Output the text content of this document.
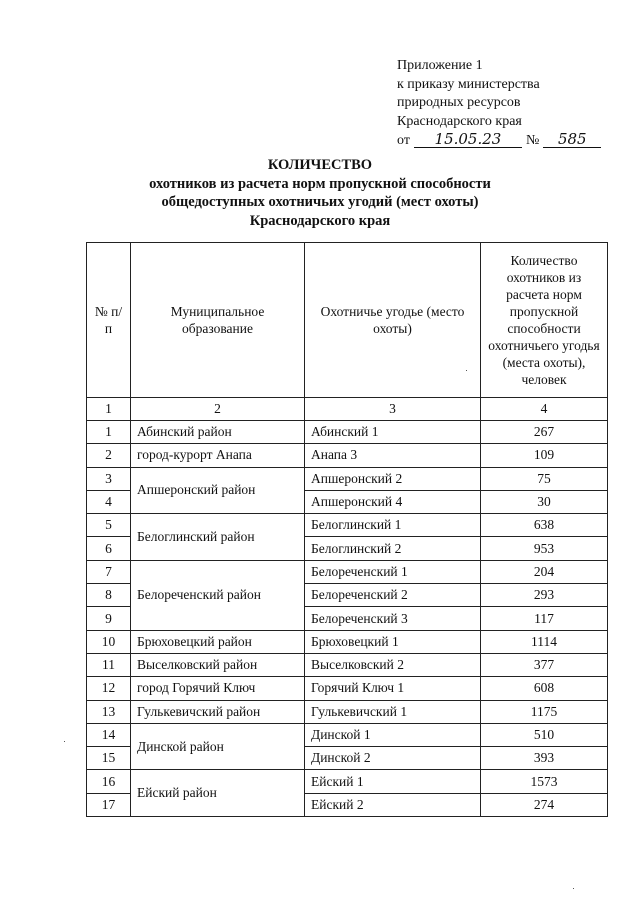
Приложение 1
к приказу министерства
природных ресурсов
Краснодарского края
от 15.05.23 № 585
КОЛИЧЕСТВО
охотников из расчета норм пропускной способности
общедоступных охотничьих угодий (мест охоты)
Краснодарского края
№ п/п	Муниципальное образование	Охотничье угодье (место охоты)	Количество охотников из расчета норм пропускной способности охотничьего угодья (места охоты), человек
1	2	3	4
1	Абинский район	Абинский 1	267
2	город-курорт Анапа	Анапа 3	109
3	Апшеронский район	Апшеронский 2	75
4		Апшеронский 4	30
5	Белоглинский район	Белоглинский 1	638
6		Белоглинский 2	953
7	Белореченский район	Белореченский 1	204
8		Белореченский 2	293
9		Белореченский 3	117
10	Брюховецкий район	Брюховецкий 1	1114
11	Выселковский район	Выселковский 2	377
12	город Горячий Ключ	Горячий Ключ 1	608
13	Гулькевичский район	Гулькевичский 1	1175
14	Динской район	Динской 1	510
15		Динской 2	393
16	Ейский район	Ейский 1	1573
17		Ейский 2	274
